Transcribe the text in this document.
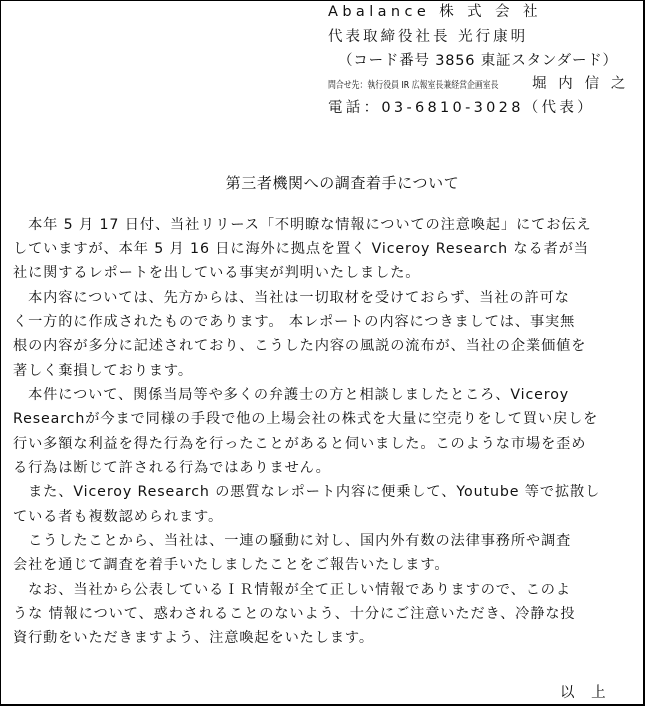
Abalance 株 式 会 社
代表取締役社長 光行康明
（コード番号 3856 東証スタンダード）
問合せ先：執行役員 IR 広報室長兼経営企画室長 堀 内 信 之
電話：03-6810-3028（代表）
第三者機関への調査着手について
　本年 5 月 17 日付、当社リリース「不明瞭な情報についての注意喚起」にてお伝え
していますが、本年 5 月 16 日に海外に拠点を置く Viceroy Research なる者が当
社に関するレポートを出している事実が判明いたしました。
　本内容については、先方からは、当社は一切取材を受けておらず、当社の許可な
く一方的に作成されたものであります。 本レポートの内容につきましては、事実無
根の内容が多分に記述されており、こうした内容の風説の流布が、当社の企業価値を
著しく棄損しております。
　本件について、関係当局等や多くの弁護士の方と相談しましたところ、Viceroy
Researchが今まで同様の手段で他の上場会社の株式を大量に空売りをして買い戻しを
行い多額な利益を得た行為を行ったことがあると伺いました。このような市場を歪め
る行為は断じて許される行為ではありません。
　また、Viceroy Research の悪質なレポート内容に便乗して、Youtube 等で拡散し
ている者も複数認められます。
　こうしたことから、当社は、一連の騒動に対し、国内外有数の法律事務所や調査
会社を通じて調査を着手いたしましたことをご報告いたします。
　なお、当社から公表しているＩＲ情報が全て正しい情報でありますので、このよ
うな 情報について、惑わされることのないよう、十分にご注意いただき、冷静な投
資行動をいただきますよう、注意喚起をいたします。
以 上
